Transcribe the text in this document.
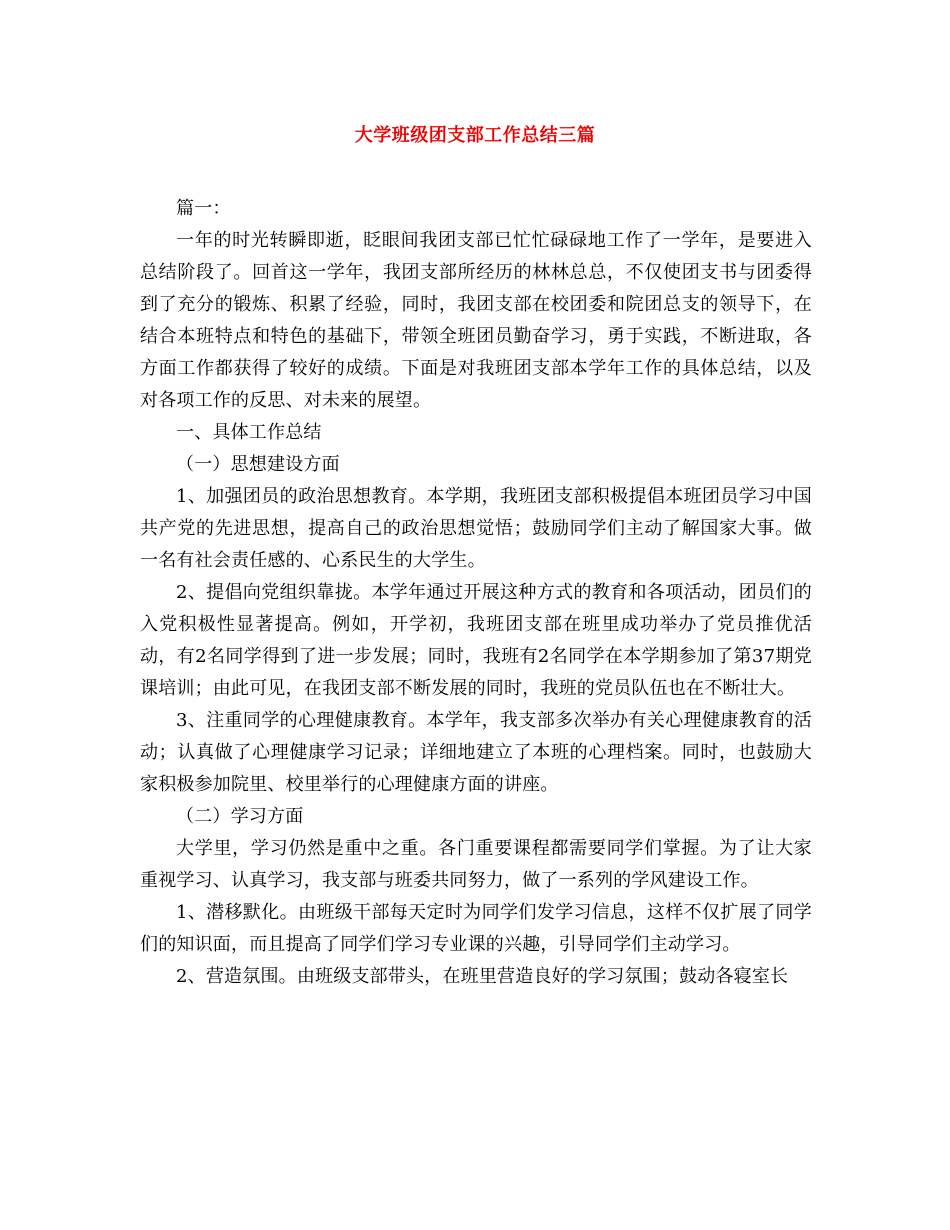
大学班级团支部工作总结三篇

篇一：

一年的时光转瞬即逝，眨眼间我团支部已忙忙碌碌地工作了一学年，是要进入总结阶段了。回首这一学年，我团支部所经历的林林总总，不仅使团支书与团委得到了充分的锻炼、积累了经验，同时，我团支部在校团委和院团总支的领导下，在结合本班特点和特色的基础下，带领全班团员勤奋学习，勇于实践，不断进取，各方面工作都获得了较好的成绩。下面是对我班团支部本学年工作的具体总结，以及对各项工作的反思、对未来的展望。

一、具体工作总结

（一）思想建设方面

1、加强团员的政治思想教育。本学期，我班团支部积极提倡本班团员学习中国共产党的先进思想，提高自己的政治思想觉悟；鼓励同学们主动了解国家大事。做一名有社会责任感的、心系民生的大学生。

2、提倡向党组织靠拢。本学年通过开展这种方式的教育和各项活动，团员们的入党积极性显著提高。例如，开学初，我班团支部在班里成功举办了党员推优活动，有2名同学得到了进一步发展；同时，我班有2名同学在本学期参加了第37期党课培训；由此可见，在我团支部不断发展的同时，我班的党员队伍也在不断壮大。

3、注重同学的心理健康教育。本学年，我支部多次举办有关心理健康教育的活动；认真做了心理健康学习记录；详细地建立了本班的心理档案。同时，也鼓励大家积极参加院里、校里举行的心理健康方面的讲座。

（二）学习方面

大学里，学习仍然是重中之重。各门重要课程都需要同学们掌握。为了让大家重视学习、认真学习，我支部与班委共同努力，做了一系列的学风建设工作。

1、潜移默化。由班级干部每天定时为同学们发学习信息，这样不仅扩展了同学们的知识面，而且提高了同学们学习专业课的兴趣，引导同学们主动学习。

2、营造氛围。由班级支部带头，在班里营造良好的学习氛围；鼓动各寝室长
